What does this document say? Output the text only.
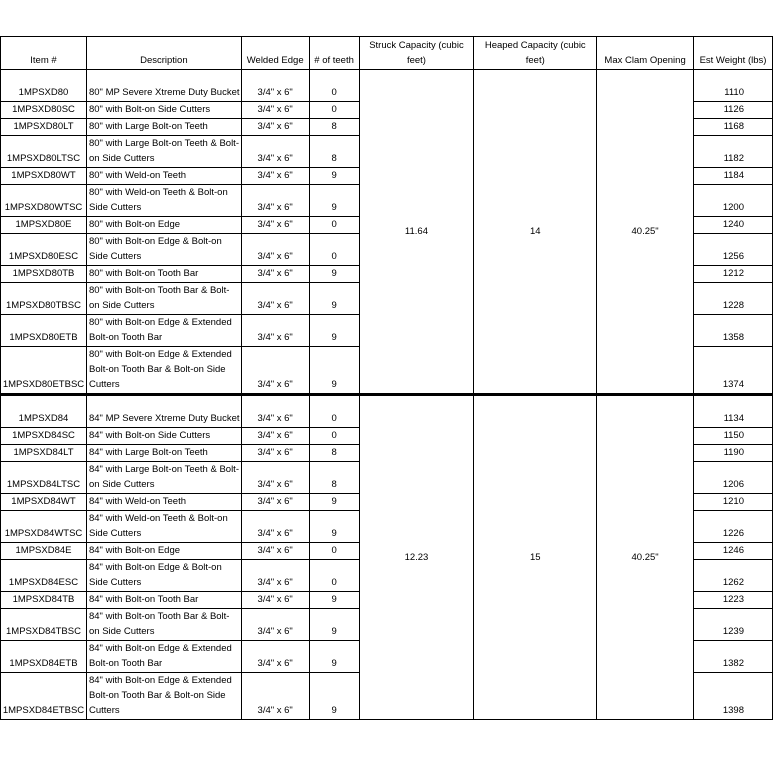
Item #	Description	Welded Edge	# of teeth	Struck Capacity (cubic feet)	Heaped Capacity (cubic feet)	Max Clam Opening	Est Weight (lbs)
1MPSXD80	80" MP Severe Xtreme Duty Bucket	3/4" x 6"	0	11.64	14	40.25"	1110
1MPSXD80SC	80" with Bolt-on Side Cutters	3/4" x 6"	0				1126
1MPSXD80LT	80" with Large Bolt-on Teeth	3/4" x 6"	8				1168
1MPSXD80LTSC	80" with Large Bolt-on Teeth & Bolt-on Side Cutters	3/4" x 6"	8				1182
1MPSXD80WT	80" with Weld-on Teeth	3/4" x 6"	9				1184
1MPSXD80WTSC	80" with Weld-on Teeth & Bolt-on Side Cutters	3/4" x 6"	9				1200
1MPSXD80E	80" with Bolt-on Edge	3/4" x 6"	0				1240
1MPSXD80ESC	80" with Bolt-on Edge & Bolt-on Side Cutters	3/4" x 6"	0				1256
1MPSXD80TB	80" with Bolt-on Tooth Bar	3/4" x 6"	9				1212
1MPSXD80TBSC	80" with Bolt-on Tooth Bar & Bolt-on Side Cutters	3/4" x 6"	9				1228
1MPSXD80ETB	80" with Bolt-on Edge & Extended Bolt-on Tooth Bar	3/4" x 6"	9				1358
1MPSXD80ETBSC	80" with Bolt-on Edge & Extended Bolt-on Tooth Bar & Bolt-on Side Cutters	3/4" x 6"	9				1374
1MPSXD84	84" MP Severe Xtreme Duty Bucket	3/4" x 6"	0	12.23	15	40.25"	1134
1MPSXD84SC	84" with Bolt-on Side Cutters	3/4" x 6"	0				1150
1MPSXD84LT	84" with Large Bolt-on Teeth	3/4" x 6"	8				1190
1MPSXD84LTSC	84" with Large Bolt-on Teeth & Bolt-on Side Cutters	3/4" x 6"	8				1206
1MPSXD84WT	84" with Weld-on Teeth	3/4" x 6"	9				1210
1MPSXD84WTSC	84" with Weld-on Teeth & Bolt-on Side Cutters	3/4" x 6"	9				1226
1MPSXD84E	84" with Bolt-on Edge	3/4" x 6"	0				1246
1MPSXD84ESC	84" with Bolt-on Edge & Bolt-on Side Cutters	3/4" x 6"	0				1262
1MPSXD84TB	84" with Bolt-on Tooth Bar	3/4" x 6"	9				1223
1MPSXD84TBSC	84" with Bolt-on Tooth Bar & Bolt-on Side Cutters	3/4" x 6"	9				1239
1MPSXD84ETB	84" with Bolt-on Edge & Extended Bolt-on Tooth Bar	3/4" x 6"	9				1382
1MPSXD84ETBSC	84" with Bolt-on Edge & Extended Bolt-on Tooth Bar & Bolt-on Side Cutters	3/4" x 6"	9				1398
